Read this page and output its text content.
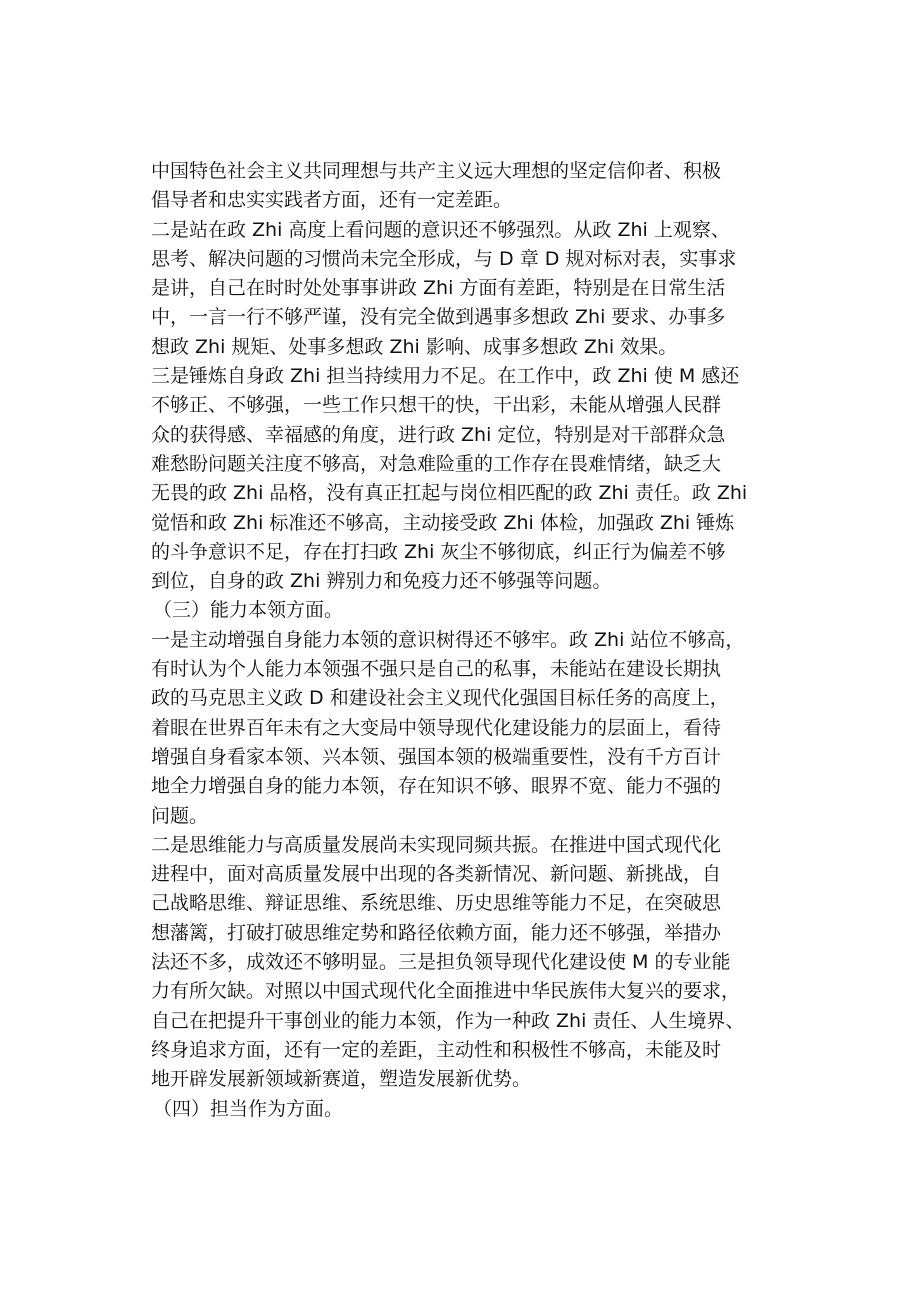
中国特色社会主义共同理想与共产主义远大理想的坚定信仰者、积极
倡导者和忠实实践者方面，还有一定差距。
二是站在政 Zhi 高度上看问题的意识还不够强烈。从政 Zhi 上观察、
思考、解决问题的习惯尚未完全形成，与 D 章 D 规对标对表，实事求
是讲，自己在时时处处事事讲政 Zhi 方面有差距，特别是在日常生活
中，一言一行不够严谨，没有完全做到遇事多想政 Zhi 要求、办事多
想政 Zhi 规矩、处事多想政 Zhi 影响、成事多想政 Zhi 效果。
三是锤炼自身政 Zhi 担当持续用力不足。在工作中，政 Zhi 使 M 感还
不够正、不够强，一些工作只想干的快，干出彩，未能从增强人民群
众的获得感、幸福感的角度，进行政 Zhi 定位，特别是对干部群众急
难愁盼问题关注度不够高，对急难险重的工作存在畏难情绪，缺乏大
无畏的政 Zhi 品格，没有真正扛起与岗位相匹配的政 Zhi 责任。政 Zhi
觉悟和政 Zhi 标准还不够高，主动接受政 Zhi 体检，加强政 Zhi 锤炼
的斗争意识不足，存在打扫政 Zhi 灰尘不够彻底，纠正行为偏差不够
到位，自身的政 Zhi 辨别力和免疫力还不够强等问题。
（三）能力本领方面。
一是主动增强自身能力本领的意识树得还不够牢。政 Zhi 站位不够高，
有时认为个人能力本领强不强只是自己的私事，未能站在建设长期执
政的马克思主义政 D 和建设社会主义现代化强国目标任务的高度上，
着眼在世界百年未有之大变局中领导现代化建设能力的层面上，看待
增强自身看家本领、兴本领、强国本领的极端重要性，没有千方百计
地全力增强自身的能力本领，存在知识不够、眼界不宽、能力不强的
问题。
二是思维能力与高质量发展尚未实现同频共振。在推进中国式现代化
进程中，面对高质量发展中出现的各类新情况、新问题、新挑战，自
己战略思维、辩证思维、系统思维、历史思维等能力不足，在突破思
想藩篱，打破打破思维定势和路径依赖方面，能力还不够强，举措办
法还不多，成效还不够明显。三是担负领导现代化建设使 M 的专业能
力有所欠缺。对照以中国式现代化全面推进中华民族伟大复兴的要求，
自己在把提升干事创业的能力本领，作为一种政 Zhi 责任、人生境界、
终身追求方面，还有一定的差距，主动性和积极性不够高，未能及时
地开辟发展新领域新赛道，塑造发展新优势。
（四）担当作为方面。
